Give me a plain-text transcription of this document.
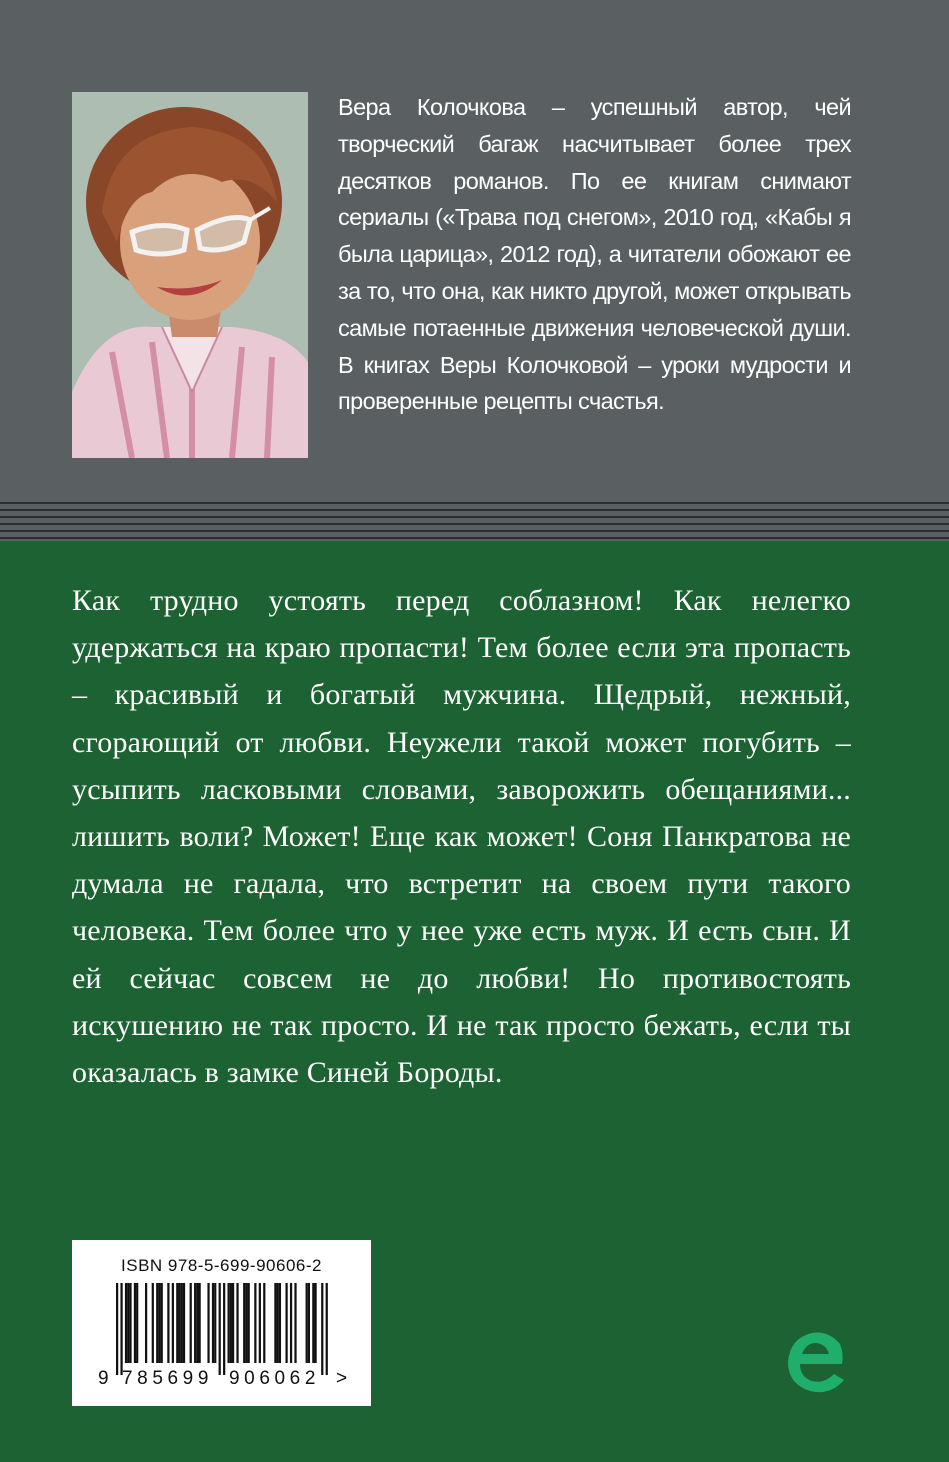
Вера Колочкова – успешный автор, чей творческий багаж насчитывает более трех десятков романов. По ее книгам снимают сериалы («Трава под снегом», 2010 год, «Кабы я была царица», 2012 год), а читатели обожают ее за то, что она, как никто другой, может открывать самые потаенные движения человеческой души. В книгах Веры Колочковой – уроки мудрости и проверенные рецепты счастья.
Как трудно устоять перед соблазном! Как нелегко удержаться на краю пропасти! Тем более если эта пропасть – красивый и богатый мужчина. Щедрый, нежный, сгорающий от любви. Неужели такой может погубить – усыпить ласковыми словами, заворожить обещаниями... лишить воли? Может! Еще как может! Соня Панкратова не думала не гадала, что встретит на своем пути такого человека. Тем более что у нее уже есть муж. И есть сын. И ей сейчас совсем не до любви! Но противостоять искушению не так просто. И не так просто бежать, если ты оказалась в замке Синей Бороды.
ISBN 978-5-699-90606-2
9 785699 906062 >
